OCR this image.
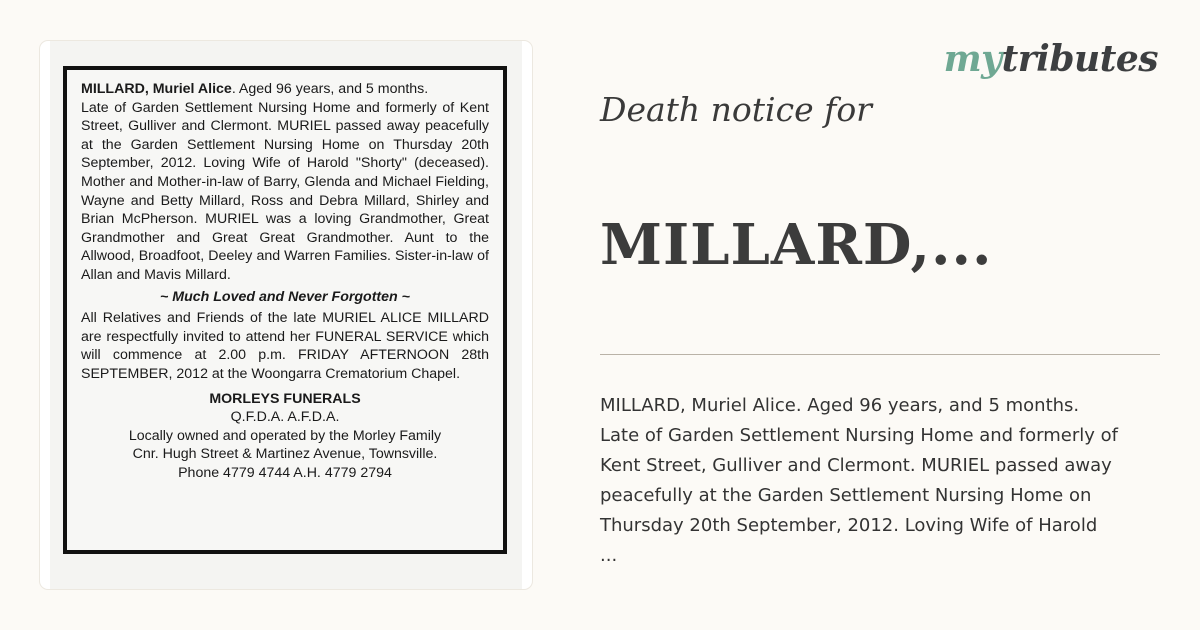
MILLARD, Muriel Alice. Aged 96 years, and 5 months.

Late of Garden Settlement Nursing Home and formerly of Kent Street, Gulliver and Clermont. MURIEL passed away peacefully at the Garden Settlement Nursing Home on Thursday 20th September, 2012. Loving Wife of Harold "Shorty" (deceased). Mother and Mother-in-law of Barry, Glenda and Michael Fielding, Wayne and Betty Millard, Ross and Debra Millard, Shirley and Brian McPherson. MURIEL was a loving Grandmother, Great Grandmother and Great Great Grandmother. Aunt to the Allwood, Broadfoot, Deeley and Warren Families. Sister-in-law of Allan and Mavis Millard.

~ Much Loved and Never Forgotten ~

All Relatives and Friends of the late MURIEL ALICE MILLARD are respectfully invited to attend her FUNERAL SERVICE which will commence at 2.00 p.m. FRIDAY AFTERNOON 28th SEPTEMBER, 2012 at the Woongarra Crematorium Chapel.

MORLEYS FUNERALS

Q.F.D.A. A.F.D.A.

Locally owned and operated by the Morley Family

Cnr. Hugh Street & Martinez Avenue, Townsville.

Phone 4779 4744 A.H. 4779 2794

mytributes
Death notice for
MILLARD,...
MILLARD, Muriel Alice. Aged 96 years, and 5 months.
Late of Garden Settlement Nursing Home and formerly of
Kent Street, Gulliver and Clermont. MURIEL passed away
peacefully at the Garden Settlement Nursing Home on
Thursday 20th September, 2012. Loving Wife of Harold
...
